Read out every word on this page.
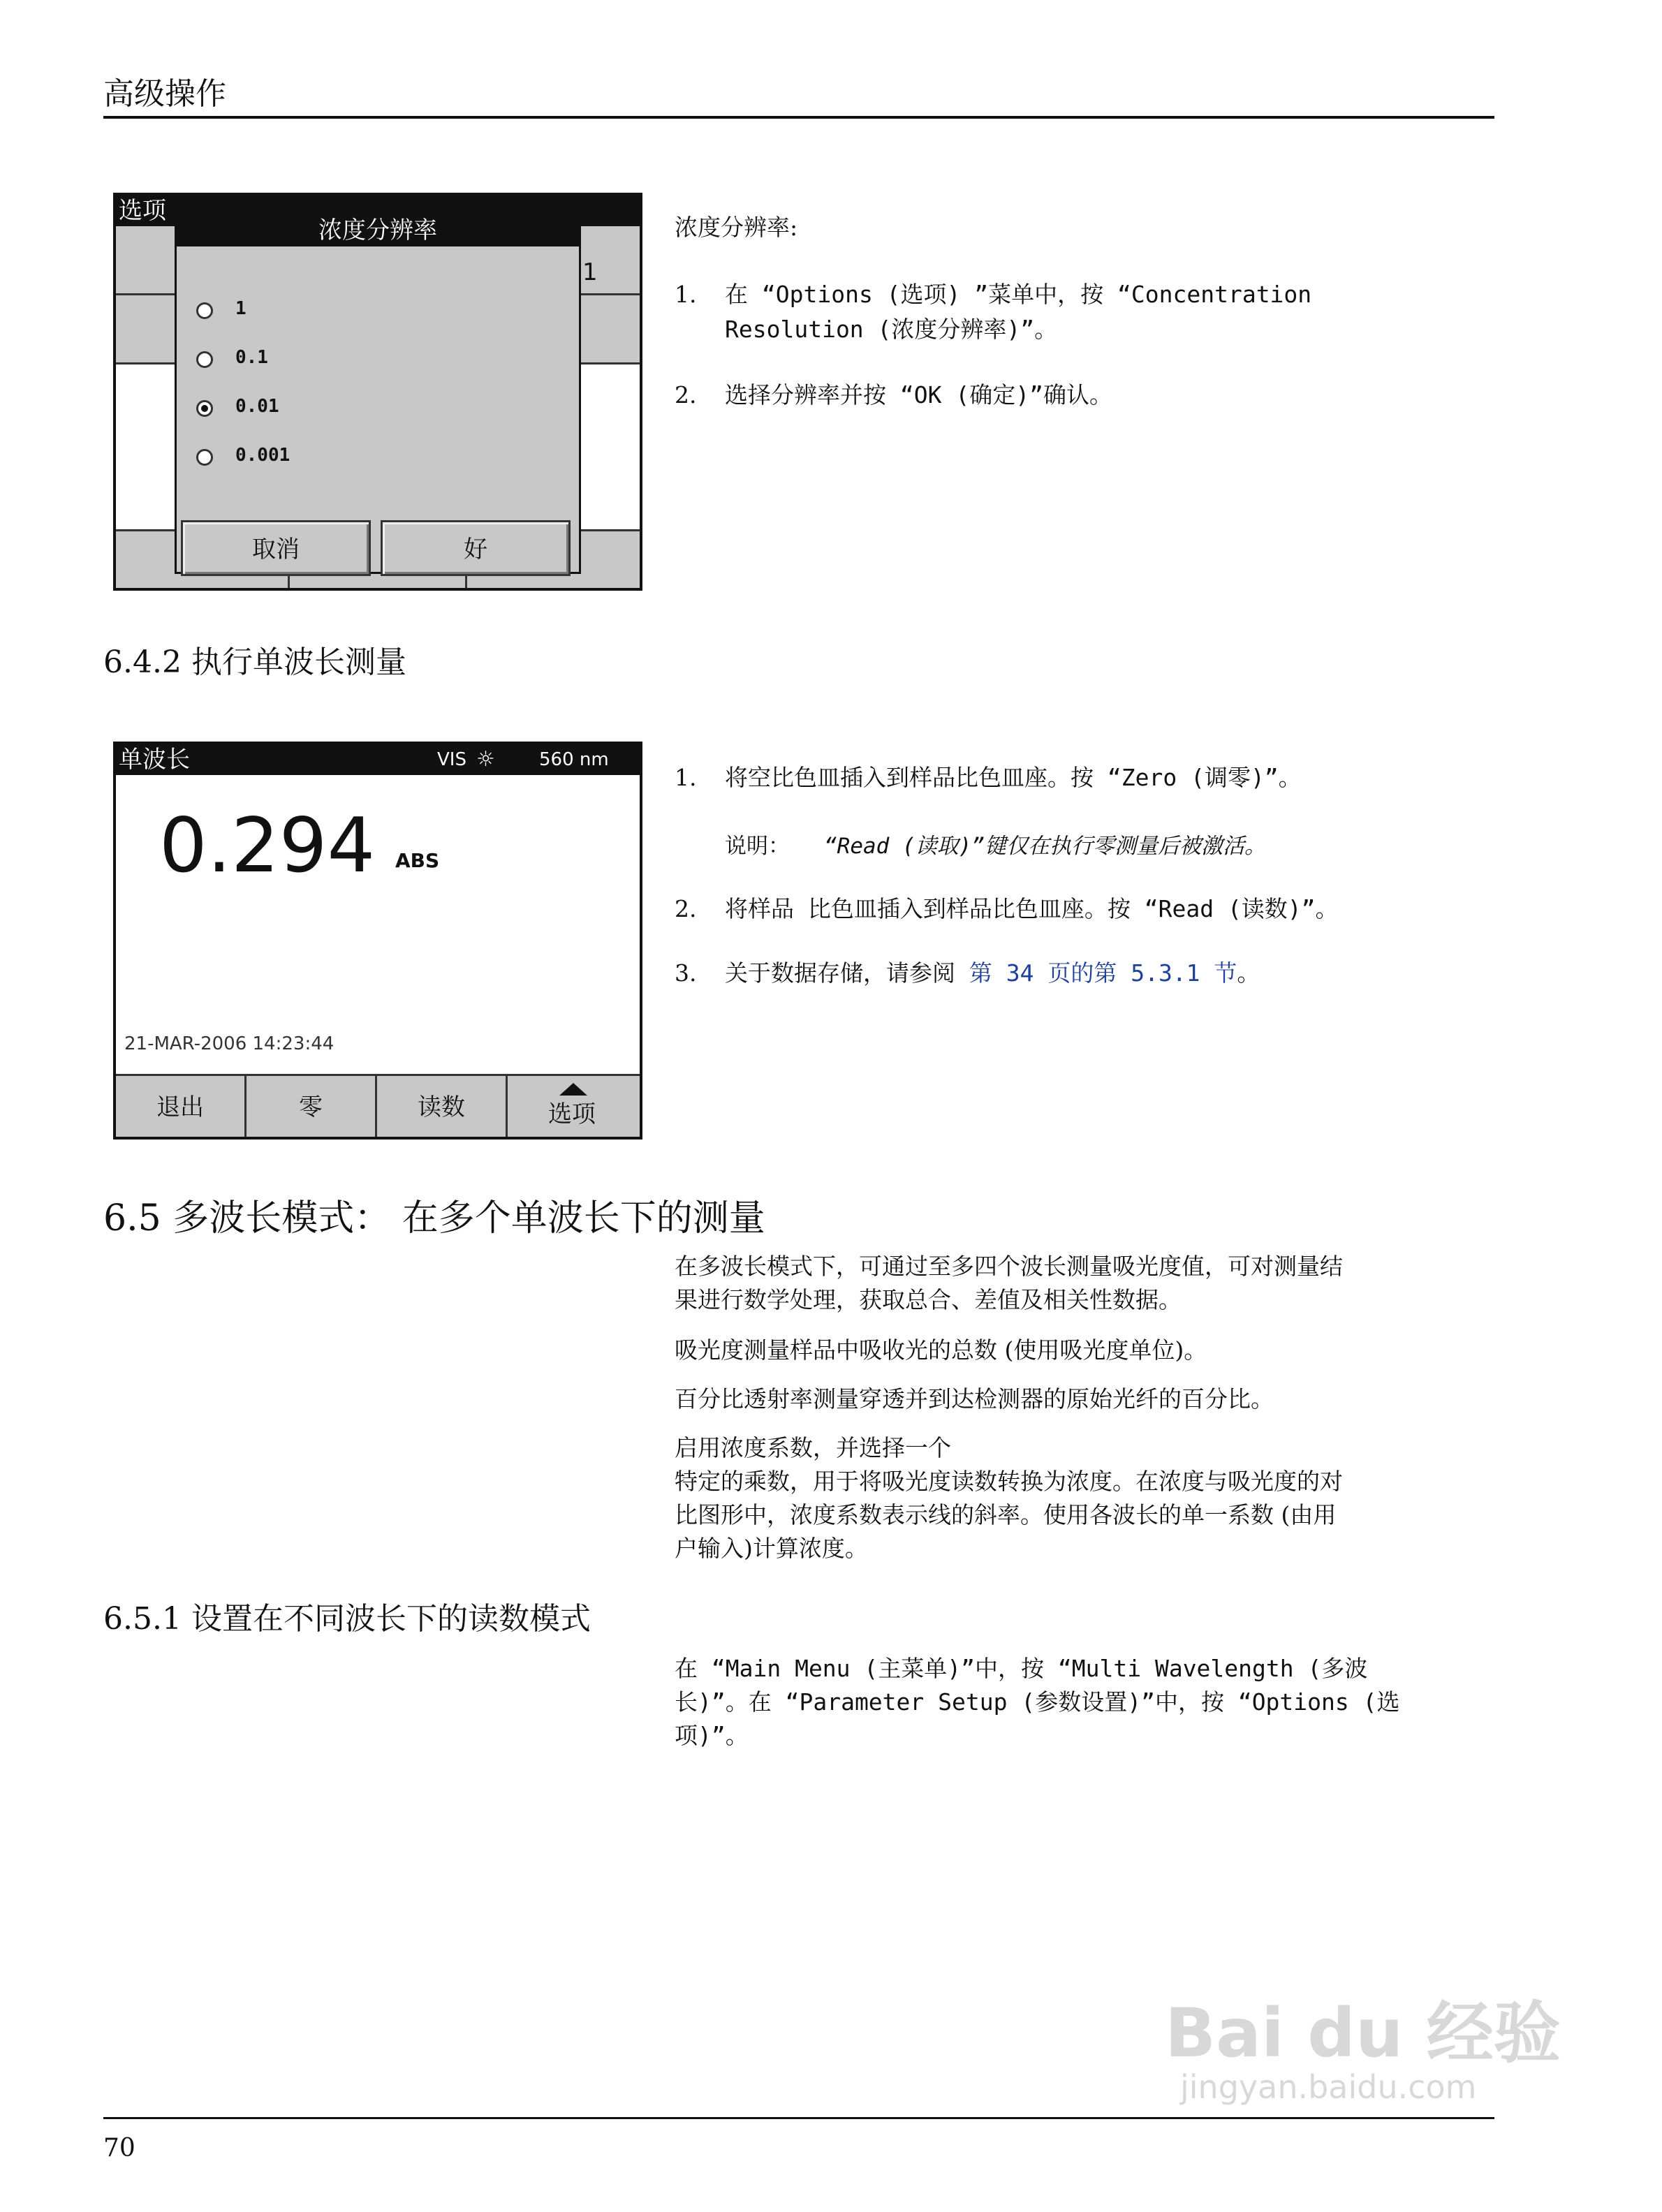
高级操作
选项
1
浓度分辨率
1
0.1
0.01
0.001
取消	好
浓度分辨率:
1. 在 “Options (选项) ”菜单中，按 “Concentration
Resolution (浓度分辨率)”。
2. 选择分辨率并按 “OK (确定)”确认。
6.4.2 执行单波长测量
单波长	VIS ☼ 560 nm
0.294 ABS
21-MAR-2006 14:23:44
退出	零	读数	选项
1. 将空比色皿插入到样品比色皿座。按 “Zero (调零)”。
说明： “Read (读取)”键仅在执行零测量后被激活。
2. 将样品 比色皿插入到样品比色皿座。按 “Read (读数)”。
3. 关于数据存储，请参阅 第 34 页的第 5.3.1 节。
6.5 多波长模式： 在多个单波长下的测量
在多波长模式下，可通过至多四个波长测量吸光度值，可对测量结
果进行数学处理，获取总合、差值及相关性数据。
吸光度测量样品中吸收光的总数 (使用吸光度单位)。
百分比透射率测量穿透并到达检测器的原始光纤的百分比。
启用浓度系数，并选择一个
特定的乘数，用于将吸光度读数转换为浓度。在浓度与吸光度的对
比图形中，浓度系数表示线的斜率。使用各波长的单一系数 (由用
户输入)计算浓度。
6.5.1 设置在不同波长下的读数模式
在 “Main Menu (主菜单)”中，按 “Multi Wavelength (多波
长)”。在 “Parameter Setup (参数设置)”中，按 “Options (选
项)”。
Bai du 经验
jingyan.baidu.com
70
